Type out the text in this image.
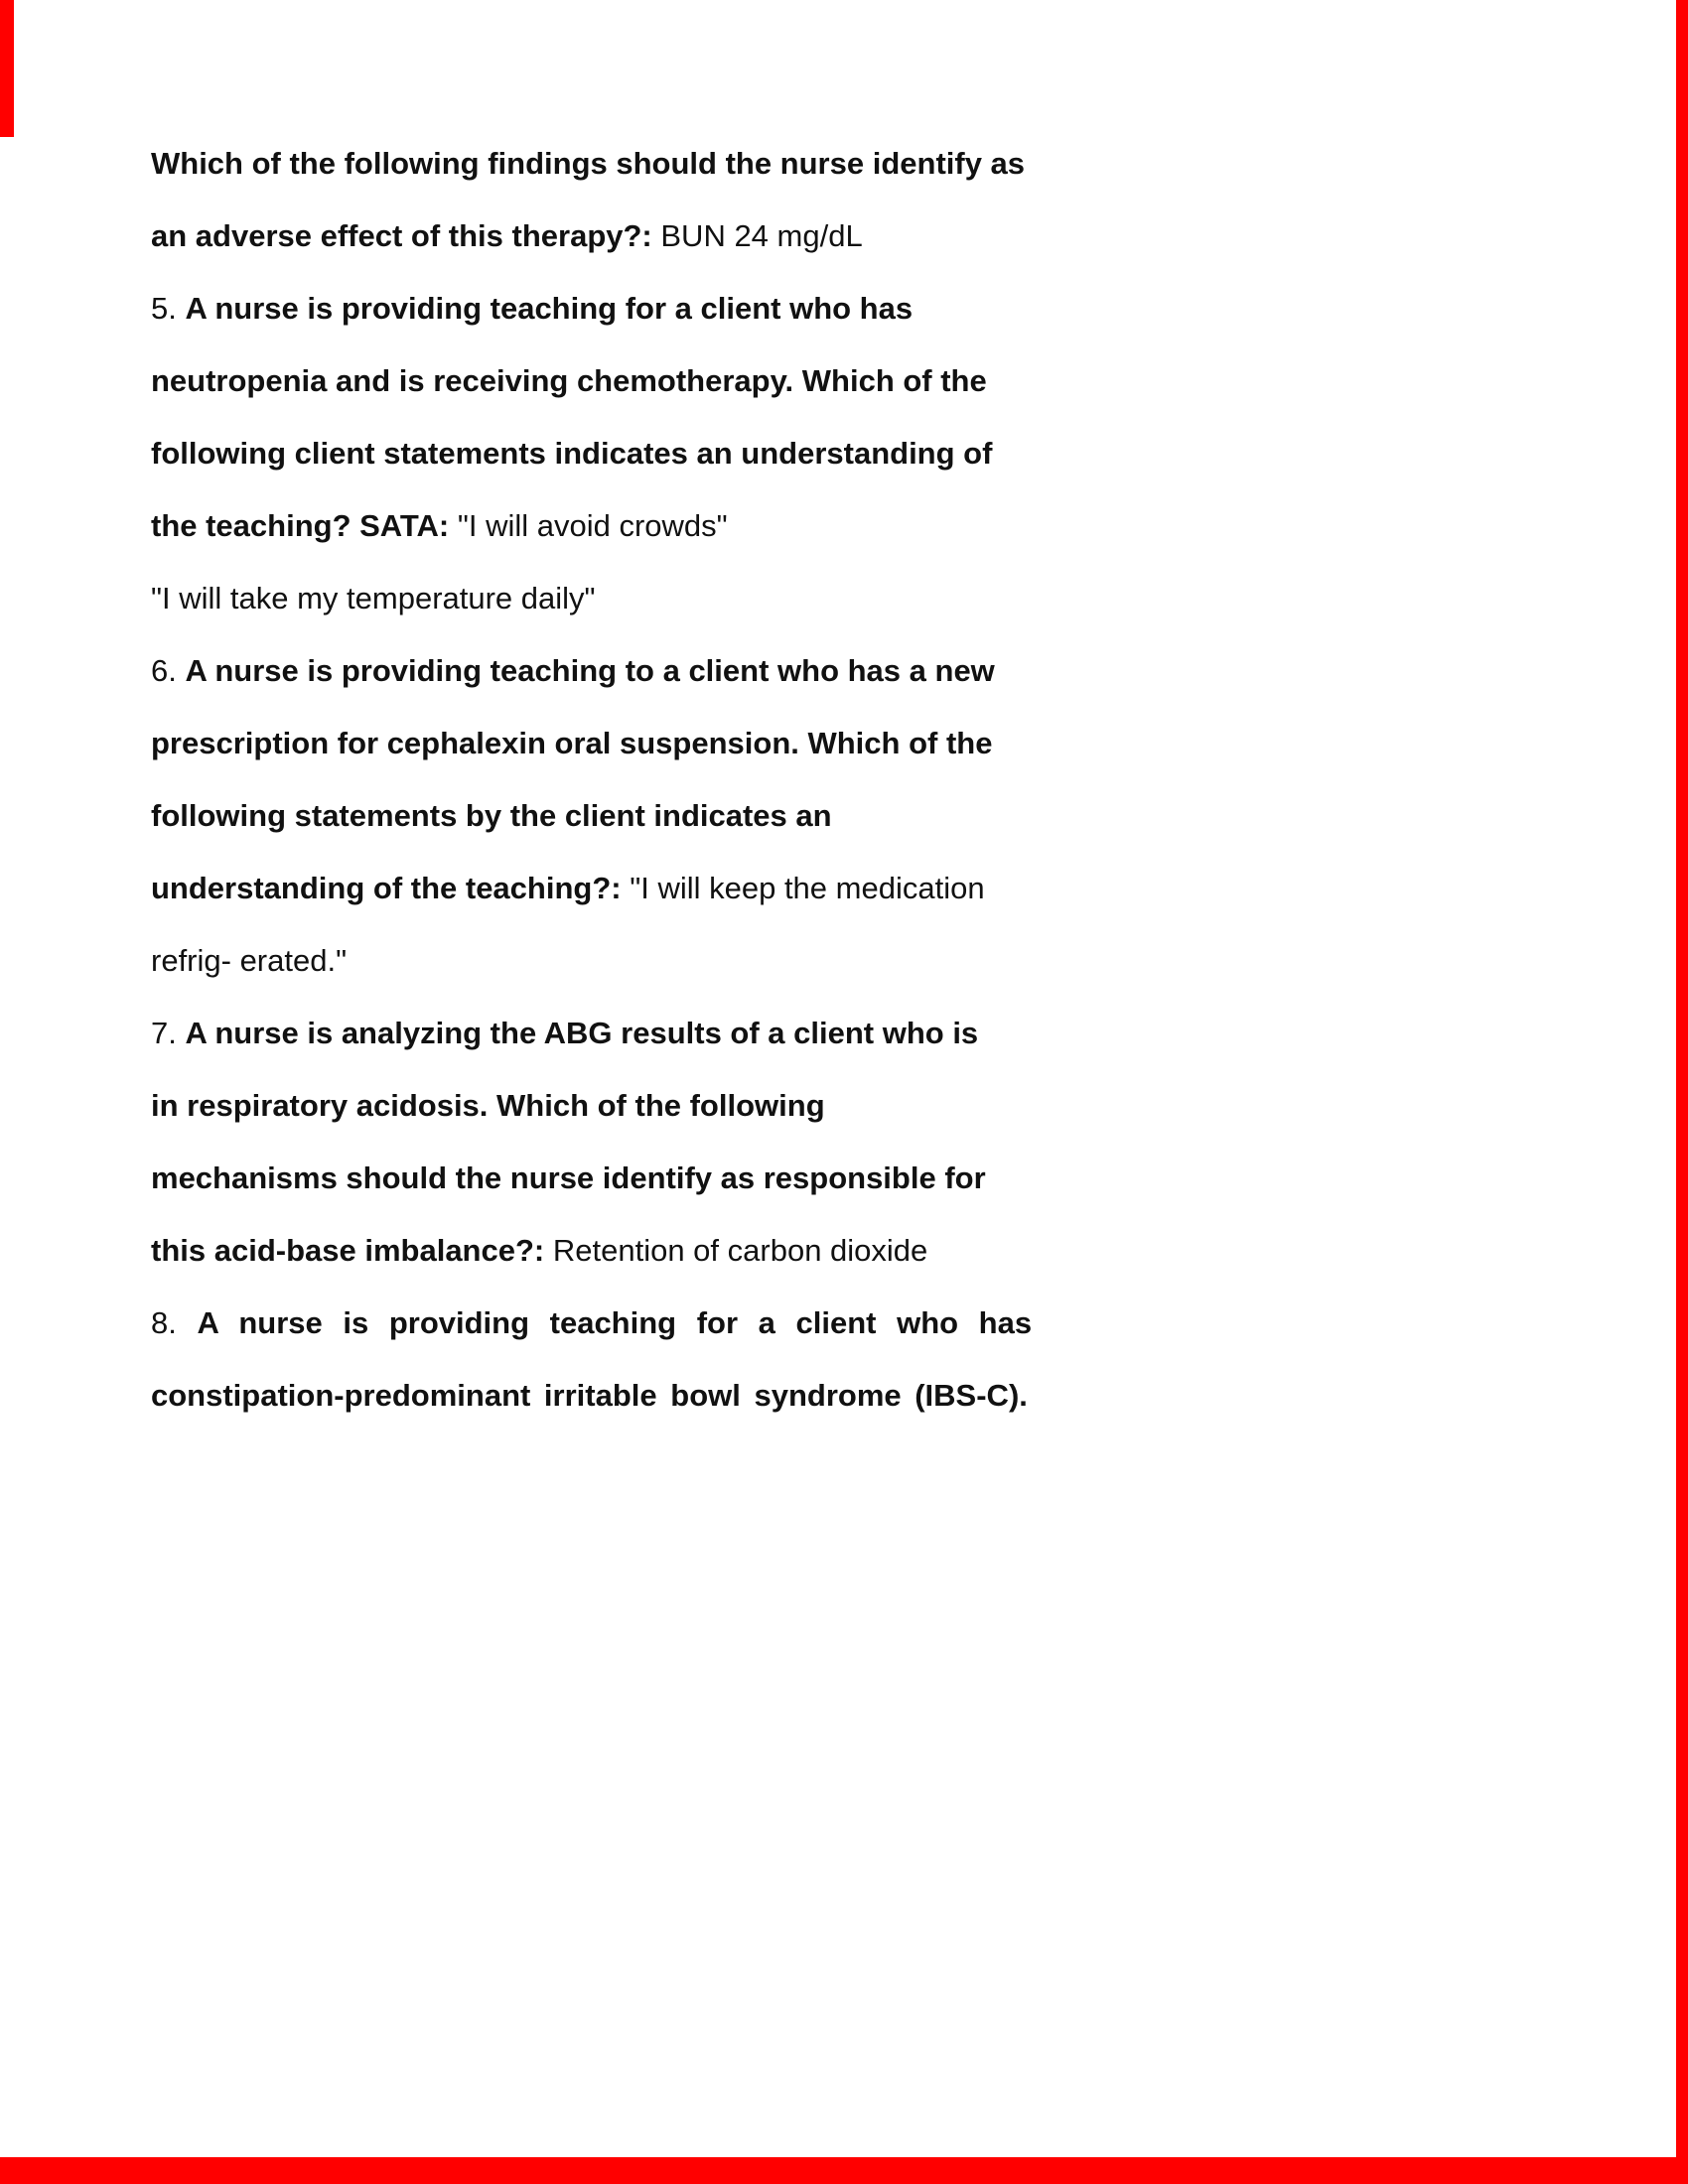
Which of the following findings should the nurse identify as
an adverse effect of this therapy?: BUN 24 mg/dL
5. A nurse is providing teaching for a client who has
neutropenia and is receiving chemotherapy. Which of the
following client statements indicates an understanding of
the teaching? SATA: "I will avoid crowds"
"I will take my temperature daily"
6. A nurse is providing teaching to a client who has a new
prescription for cephalexin oral suspension. Which of the
following statements by the client indicates an
understanding of the teaching?: "I will keep the medication
refrig- erated."
7. A nurse is analyzing the ABG results of a client who is
in respiratory acidosis. Which of the following
mechanisms should the nurse identify as responsible for
this acid-base imbalance?: Retention of carbon dioxide
8. A nurse is providing teaching for a client who has
constipation-predominant irritable bowl syndrome (IBS-C).
